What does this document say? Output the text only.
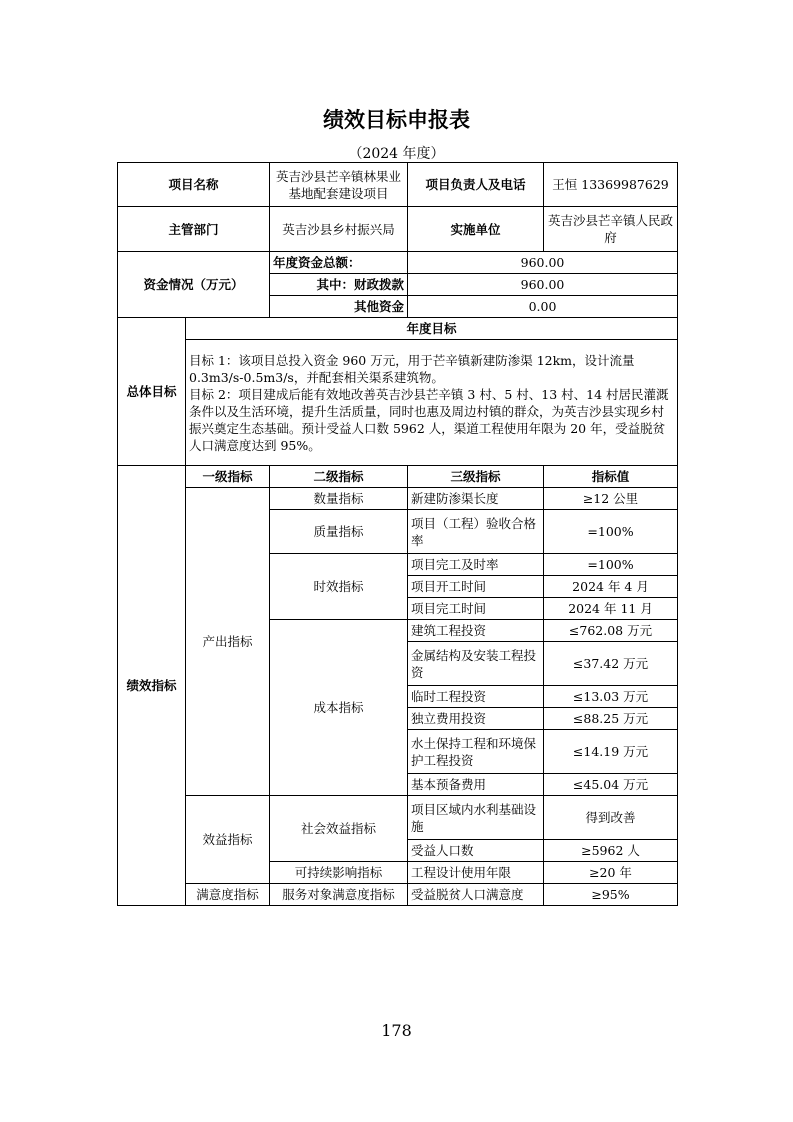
绩效目标申报表
（2024 年度）
项目名称		英吉沙县芒辛镇林果业基地配套建设项目	项目负责人及电话	王恒 13369987629
主管部门		英吉沙县乡村振兴局	实施单位	英吉沙县芒辛镇人民政府
资金情况（万元）		年度资金总额：	960.00	
		其中：财政拨款	960.00	
		其他资金	0.00	
总体目标	年度目标			

	目标 1：该项目总投入资金 960 万元，用于芒辛镇新建防渗渠 12km，设计流量0.3m3/s-0.5m3/s，并配套相关渠系建筑物。
目标 2：项目建成后能有效地改善英吉沙县芒辛镇 3 村、5 村、13 村、14 村居民灌溉条件以及生活环境，提升生活质量，同时也惠及周边村镇的群众，为英吉沙县实现乡村振兴奠定生态基础。预计受益人口数 5962 人，渠道工程使用年限为 20 年，受益脱贫人口满意度达到 95%。			

绩效指标	一级指标	二级指标	三级指标	指标值
	产出指标	数量指标	新建防渗渠长度	≥12 公里
		质量指标	项目（工程）验收合格率	=100%
		时效指标	项目完工及时率	=100%
			项目开工时间	2024 年 4 月
			项目完工时间	2024 年 11 月
		成本指标	建筑工程投资	≤762.08 万元
			金属结构及安装工程投资	≤37.42 万元
			临时工程投资	≤13.03 万元
			独立费用投资	≤88.25 万元
			水土保持工程和环境保护工程投资	≤14.19 万元
			基本预备费用	≤45.04 万元
	效益指标	社会效益指标	项目区域内水利基础设施	得到改善
			受益人口数	≥5962 人
		可持续影响指标	工程设计使用年限	≥20 年
	满意度指标	服务对象满意度指标	受益脱贫人口满意度	≥95%
178
